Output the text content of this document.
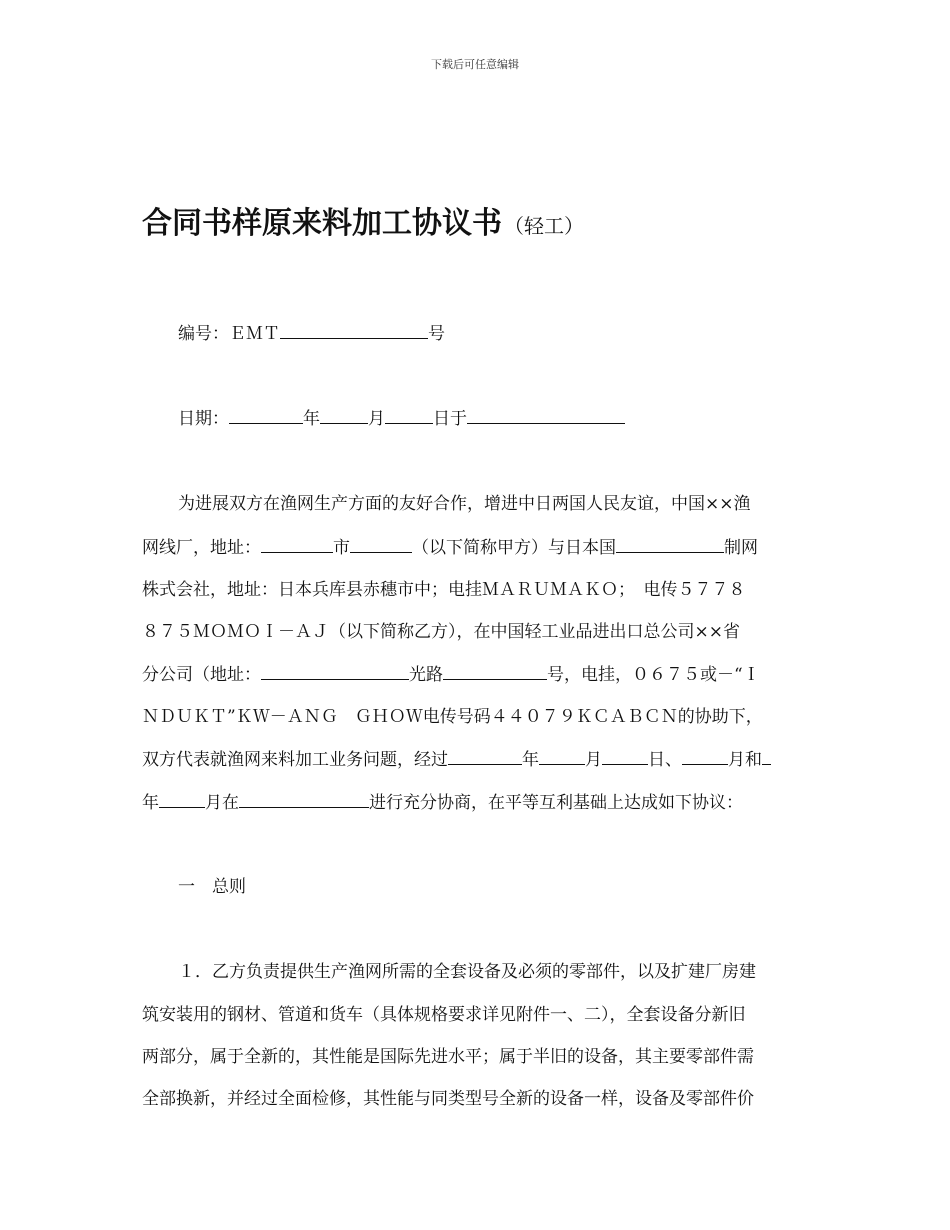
下载后可任意编辑
合同书样原来料加工协议书 （轻工）
编号：ＥＭＴ	号
日期：	年	月	日于
为进展双方在渔网生产方面的友好合作，增进中日两国人民友谊，中国××渔
网线厂，地址：	市	（以下简称甲方）与日本国	制网
株式会社，地址：日本兵库县赤穗市中；电挂ＭＡＲＵＭＡＫＯ；　电传５７７８
８７５ＭＯＭＯＩ－ＡＪ（以下简称乙方），在中国轻工业品进出口总公司××省
分公司（地址：	光路	号，电挂，０６７５或－“Ｉ
ＮＤＵＫＴ”ＫＷ－ＡＮＧ　ＧＨＯＷ电传号码４４０７９ＫＣＡＢＣＮ的协助下，
双方代表就渔网来料加工业务问题，经过	年	月	日、	月和
年	月在	进行充分协商，在平等互利基础上达成如下协议：
一　总则
１．乙方负责提供生产渔网所需的全套设备及必须的零部件，以及扩建厂房建
筑安装用的钢材、管道和货车（具体规格要求详见附件一、二），全套设备分新旧
两部分，属于全新的，其性能是国际先进水平；属于半旧的设备，其主要零部件需
全部换新，并经过全面检修，其性能与同类型号全新的设备一样，设备及零部件价
